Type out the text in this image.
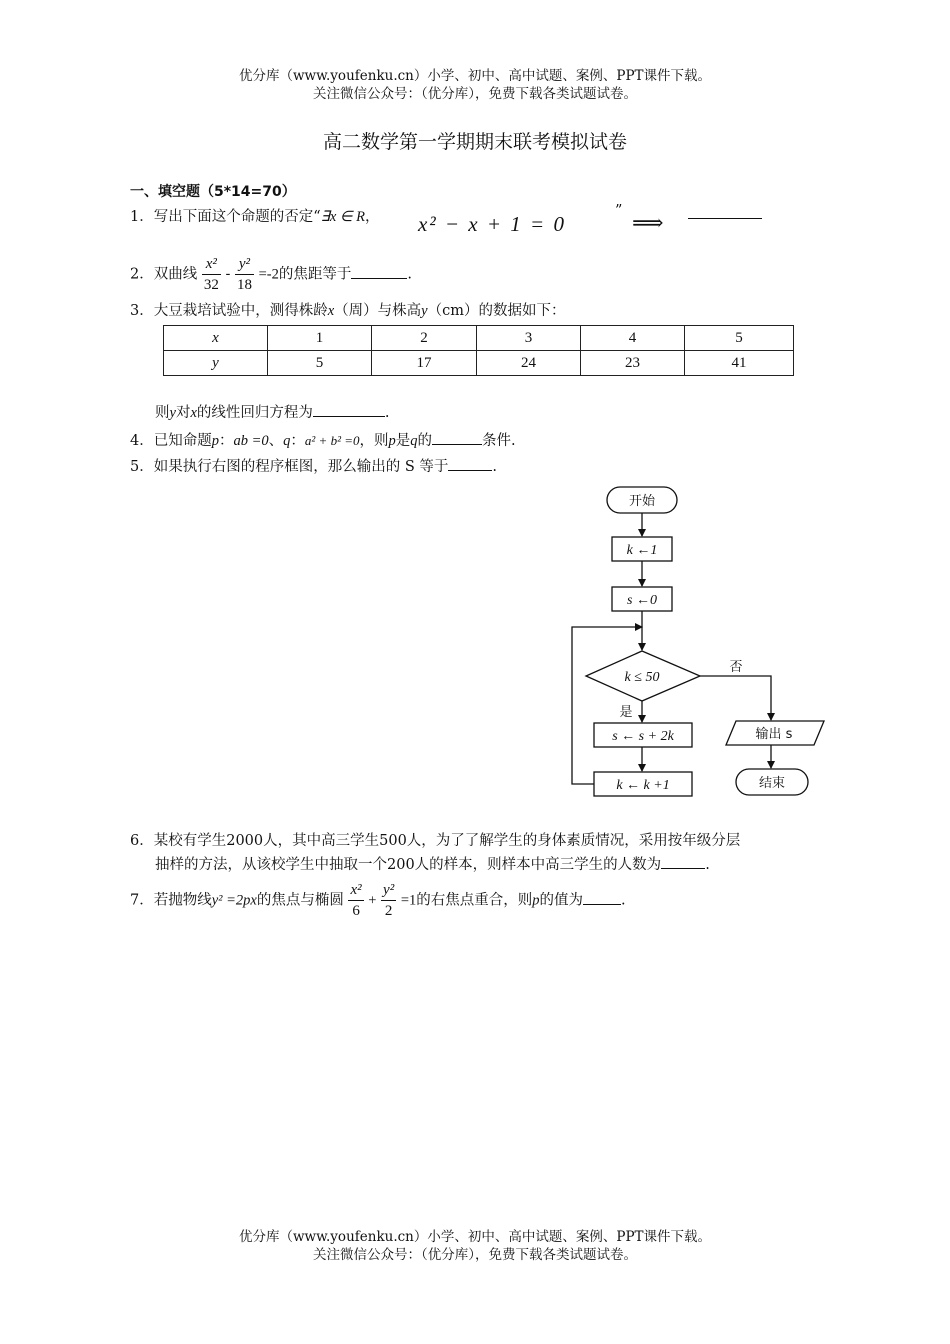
优分库（www.youfenku.cn）小学、初中、高中试题、案例、PPT课件下载。
关注微信公众号：（优分库），免费下载各类试题试卷。
高二数学第一学期期末联考模拟试卷
一、填空题（5*14=70）
1．写出下面这个命题的否定“∃x ∈ R， x² − x + 1 = 0
” ⟹
2．双曲线 $\frac{\text{x²}}{32} - \frac{\text{y²}}{18} =-2$的焦距等于	.
3．大豆栽培试验中，测得株龄x（周）与株高y（cm）的数据如下：
x	1	2	3	4	5
y	5	17	24	23	41
则y对x的线性回归方程为	.
4．已知命题p：ab =0、q：a² + b² =0，则p是q的	条件.
5．如果执行右图的程序框图，那么输出的 S 等于	.
开始
k ←1
s ←0
k ≤ 50
是
否
s ← s + 2k
k ← k +1
输出 s
结束
6．某校有学生2000人，其中高三学生500人，为了了解学生的身体素质情况，采用按年级分层
抽样的方法，从该校学生中抽取一个200人的样本，则样本中高三学生的人数为	.
7．若抛物线y² =2px的焦点与椭圆 $\frac{\text{x²}}{6} + \frac{\text{y²}}{2} =1$的右焦点重合，则p的值为	.
优分库（www.youfenku.cn）小学、初中、高中试题、案例、PPT课件下载。
关注微信公众号：（优分库），免费下载各类试题试卷。
